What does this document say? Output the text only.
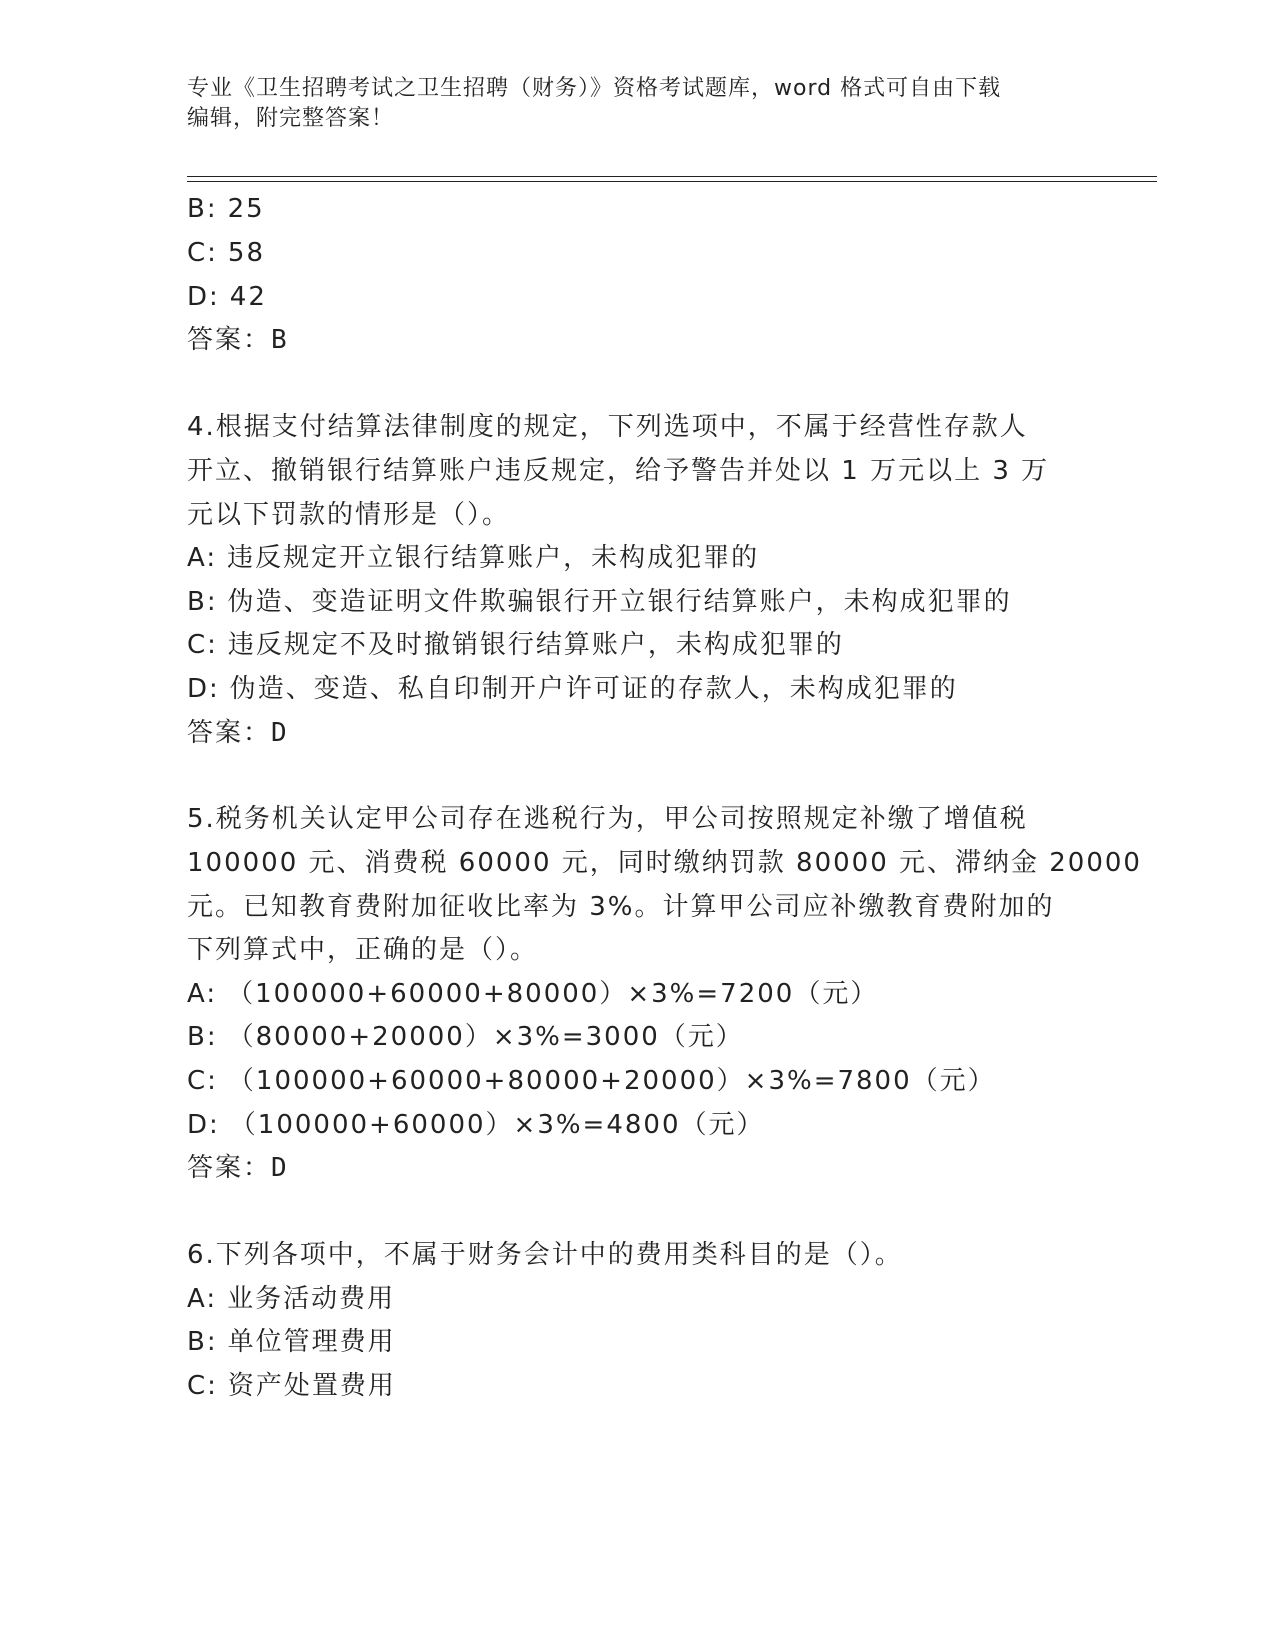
专业《卫生招聘考试之卫生招聘（财务）》资格考试题库，word 格式可自由下载
编辑，附完整答案！
B: 25
C: 58
D: 42
答案：B
4.根据支付结算法律制度的规定，下列选项中，不属于经营性存款人
开立、撤销银行结算账户违反规定，给予警告并处以 1 万元以上 3 万
元以下罚款的情形是（）。
A: 违反规定开立银行结算账户，未构成犯罪的
B: 伪造、变造证明文件欺骗银行开立银行结算账户，未构成犯罪的
C: 违反规定不及时撤销银行结算账户，未构成犯罪的
D: 伪造、变造、私自印制开户许可证的存款人，未构成犯罪的
答案：D
5.税务机关认定甲公司存在逃税行为，甲公司按照规定补缴了增值税
100000 元、消费税 60000 元，同时缴纳罚款 80000 元、滞纳金 20000
元。已知教育费附加征收比率为 3%。计算甲公司应补缴教育费附加的
下列算式中，正确的是（）。
A: （100000+60000+80000）×3%=7200（元）
B: （80000+20000）×3%=3000（元）
C: （100000+60000+80000+20000）×3%=7800（元）
D: （100000+60000）×3%=4800（元）
答案：D
6.下列各项中，不属于财务会计中的费用类科目的是（）。
A: 业务活动费用
B: 单位管理费用
C: 资产处置费用
